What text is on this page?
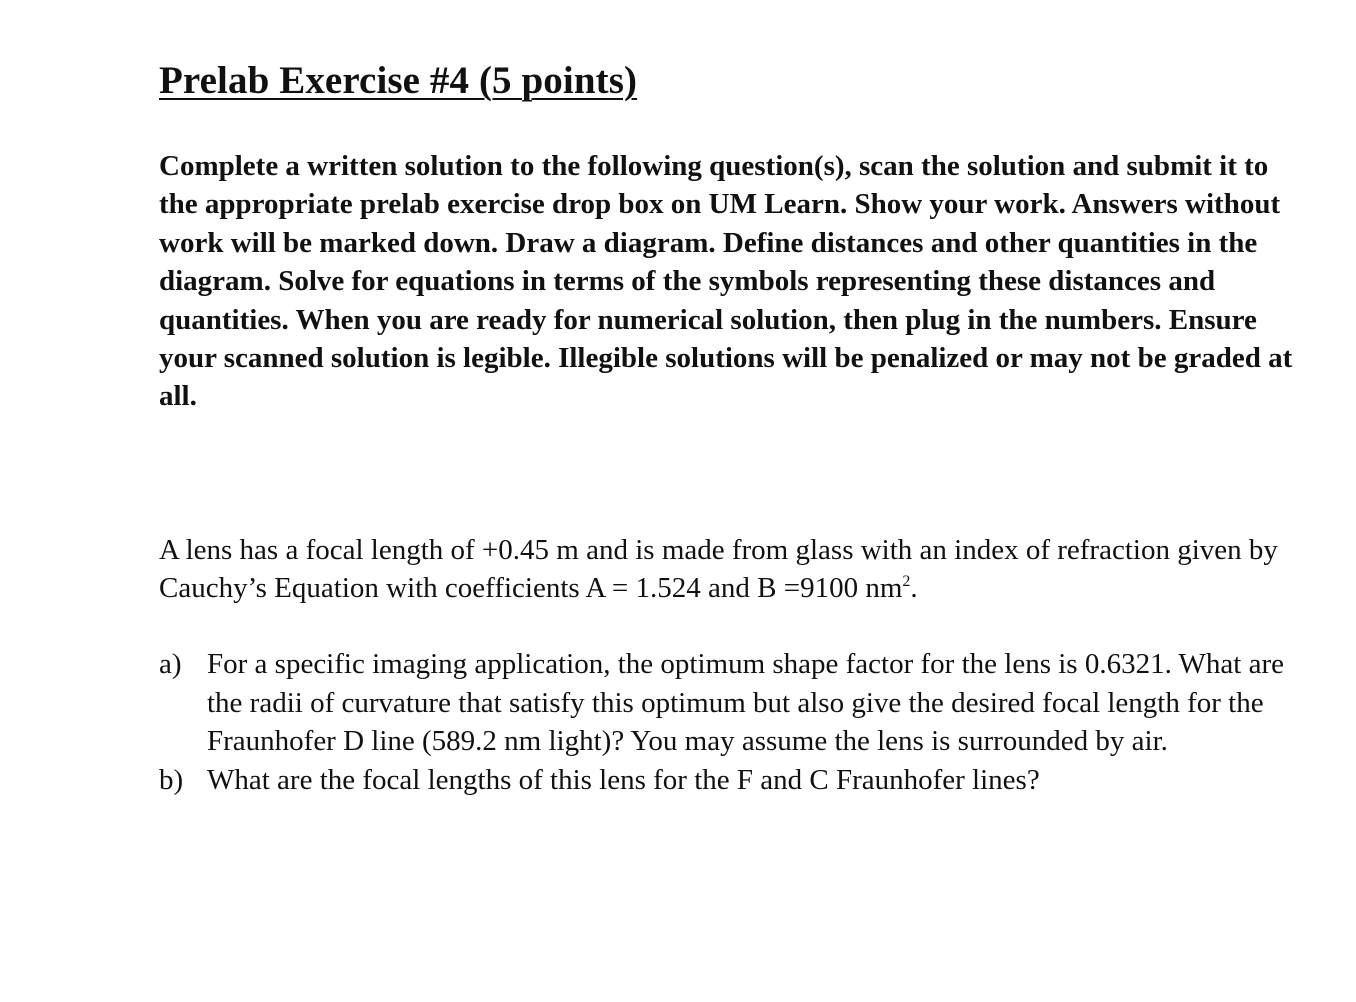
Prelab Exercise #4 (5 points)

Complete a written solution to the following question(s), scan the solution and submit it to the appropriate prelab exercise drop box on UM Learn. Show your work. Answers without work will be marked down. Draw a diagram. Define distances and other quantities in the diagram. Solve for equations in terms of the symbols representing these distances and quantities. When you are ready for numerical solution, then plug in the numbers. Ensure your scanned solution is legible. Illegible solutions will be penalized or may not be graded at all.

A lens has a focal length of +0.45 m and is made from glass with an index of refraction given by Cauchy’s Equation with coefficients A = 1.524 and B =9100 $nm^2$.

a) For a specific imaging application, the optimum shape factor for the lens is 0.6321. What are the radii of curvature that satisfy this optimum but also give the desired focal length for the Fraunhofer D line (589.2 nm light)? You may assume the lens is surrounded by air.
b) What are the focal lengths of this lens for the F and C Fraunhofer lines?
